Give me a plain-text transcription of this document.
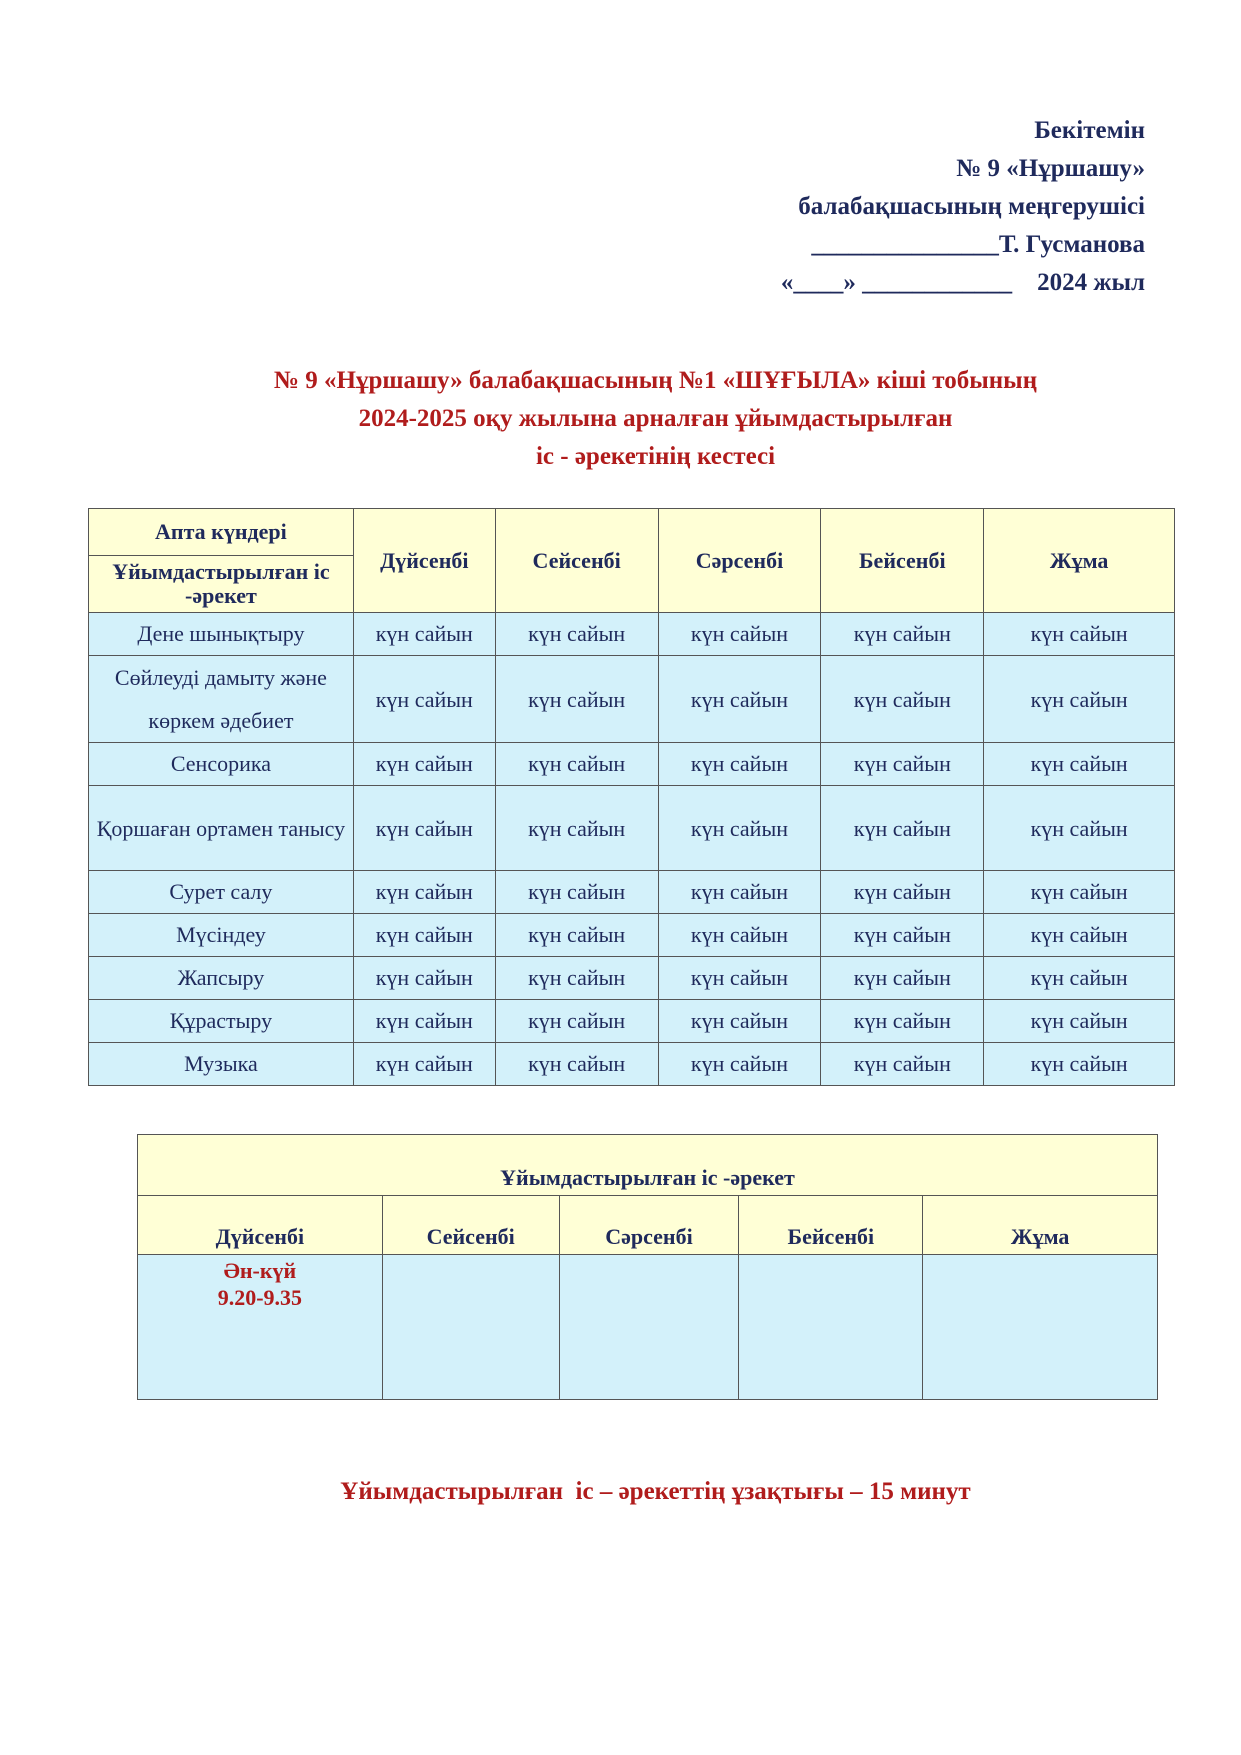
Бекітемін
№ 9 «Нұршашу»
балабақшасының меңгерушісі
_______________Т. Гусманова
«____» ____________    2024 жыл
№ 9 «Нұршашу» балабақшасының №1 «ШҰҒЫЛА» кіші тобының
2024-2025 оқу жылына арналған ұйымдастырылған
іс - әрекетінің кестесі
Апта күндері	Дүйсенбі	Сейсенбі	Сәрсенбі	Бейсенбі	Жұма
Ұйымдастырылған іс -әрекет					
Дене шынықтыру	күн сайын	күн сайын	күн сайын	күн сайын	күн сайын
Сөйлеуді дамыту және көркем әдебиет	күн сайын	күн сайын	күн сайын	күн сайын	күн сайын
Сенсорика	күн сайын	күн сайын	күн сайын	күн сайын	күн сайын
Қоршаған ортамен танысу	күн сайын	күн сайын	күн сайын	күн сайын	күн сайын
Сурет салу	күн сайын	күн сайын	күн сайын	күн сайын	күн сайын
Мүсіндеу	күн сайын	күн сайын	күн сайын	күн сайын	күн сайын
Жапсыру	күн сайын	күн сайын	күн сайын	күн сайын	күн сайын
Құрастыру	күн сайын	күн сайын	күн сайын	күн сайын	күн сайын
Музыка	күн сайын	күн сайын	күн сайын	күн сайын	күн сайын
Ұйымдастырылған іс -әрекет				
Дүйсенбі	Сейсенбі	Сәрсенбі	Бейсенбі	Жұма

Ән-күй
9.20-9.35				

Ұйымдастырылған  іс – әрекеттің ұзақтығы – 15 минут
